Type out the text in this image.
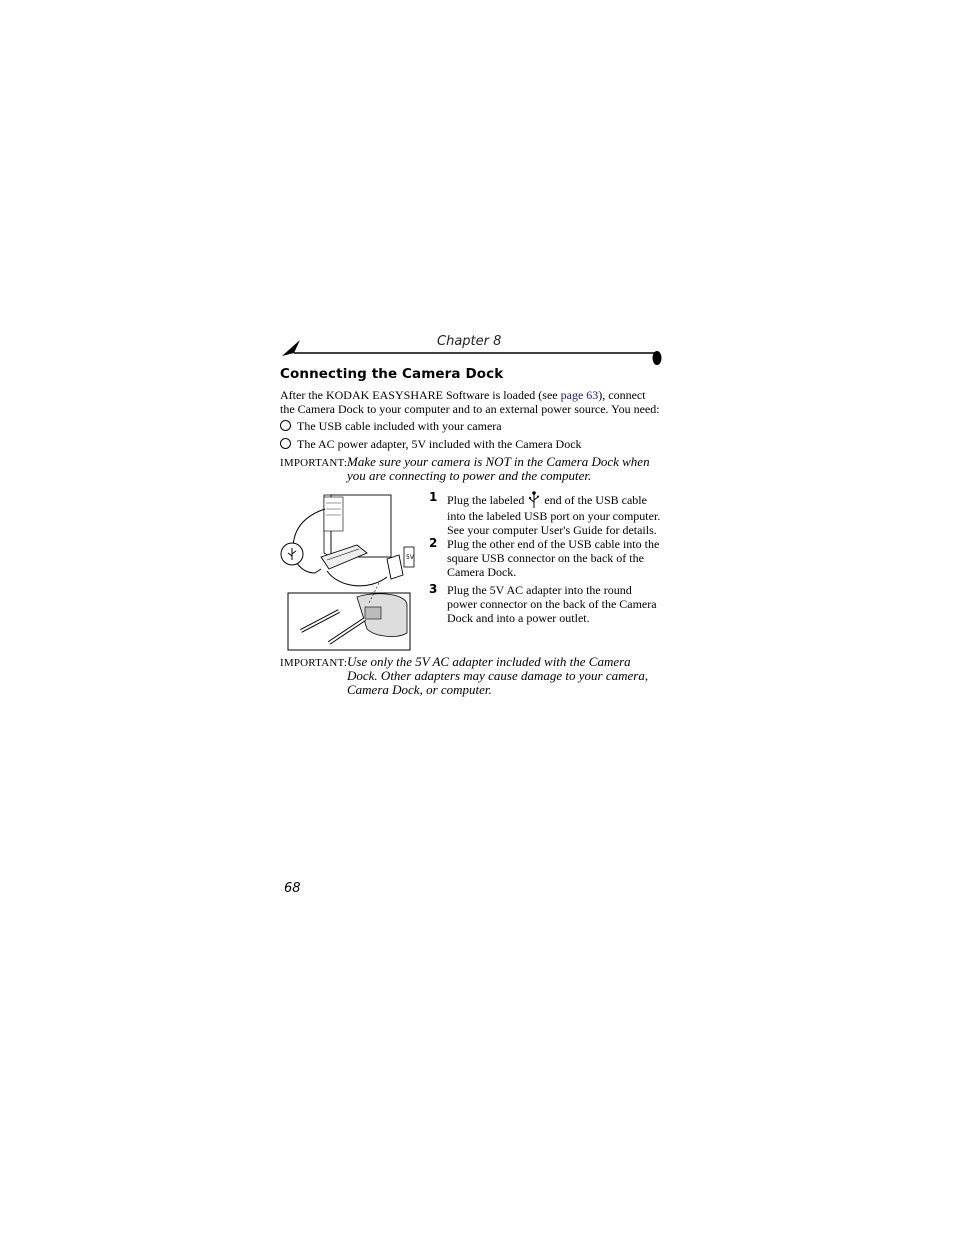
Chapter 8
Connecting the Camera Dock
After the KODAK EASYSHARE Software is loaded (see page 63), connect the Camera Dock to your computer and to an external power source. You need:
The USB cable included with your camera
The AC power adapter, 5V included with the Camera Dock
IMPORTANT: Make sure your camera is NOT in the Camera Dock when you are connecting to power and the computer.
5V
1 Plug the labeled end of the USB cable into the labeled USB port on your computer. See your computer User's Guide for details.
2 Plug the other end of the USB cable into the square USB connector on the back of the Camera Dock.
3 Plug the 5V AC adapter into the round power connector on the back of the Camera Dock and into a power outlet.
IMPORTANT: Use only the 5V AC adapter included with the Camera Dock. Other adapters may cause damage to your camera, Camera Dock, or computer.
68
